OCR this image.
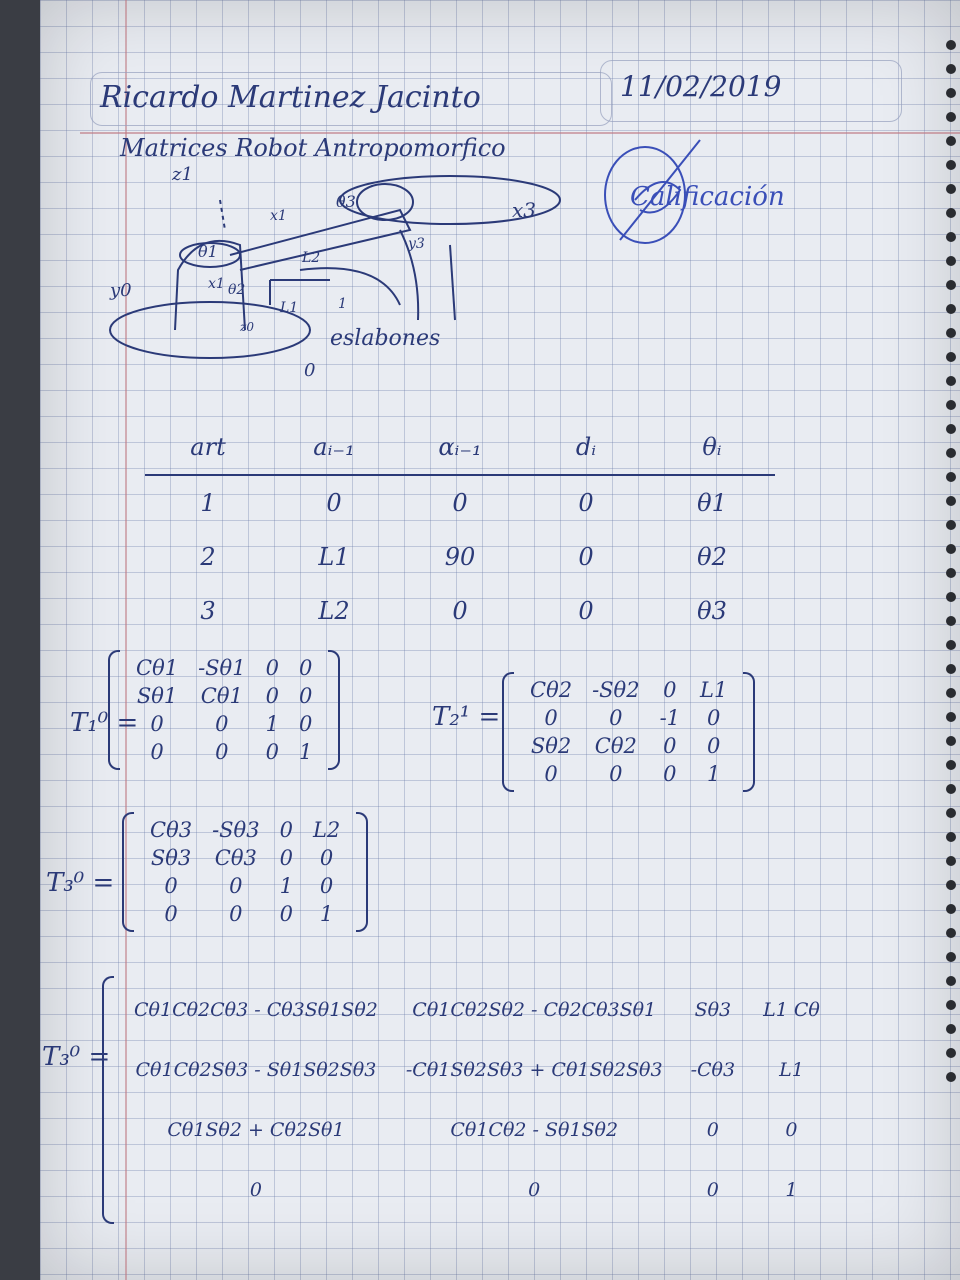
Ricardo Martinez Jacinto	11/02/2019
Matrices Robot Antropomorfico
z1
x1
x1
y0
z0
L1
L2
x3
y3
θ1
θ2
θ3
eslabones
0
1
Calificación
art	aᵢ₋₁	αᵢ₋₁	dᵢ	θᵢ
1	0	0	0	θ1
2	L1	90	0	θ2
3	L2	0	0	θ3
T₁⁰ =
Cθ1	-Sθ1	0	0
Sθ1	Cθ1	0	0
0	0	1	0
0	0	0	1
T₂¹ =
Cθ2	-Sθ2	0	L1
0	0	-1	0
Sθ2	Cθ2	0	0
0	0	0	1
T₃⁰ =
Cθ3	-Sθ3	0	L2
Sθ3	Cθ3	0	0
0	0	1	0
0	0	0	1
T₃⁰ =
Cθ1Cθ2Cθ3 - Cθ3Sθ1Sθ2	Cθ1Cθ2Sθ2 - Cθ2Cθ3Sθ1	Sθ3	L1 Cθ
Cθ1Cθ2Sθ3 - Sθ1Sθ2Sθ3	-Cθ1Sθ2Sθ3 + Cθ1Sθ2Sθ3	-Cθ3	L1
Cθ1Sθ2 + Cθ2Sθ1	Cθ1Cθ2 - Sθ1Sθ2	0	0
0	0	0	1
